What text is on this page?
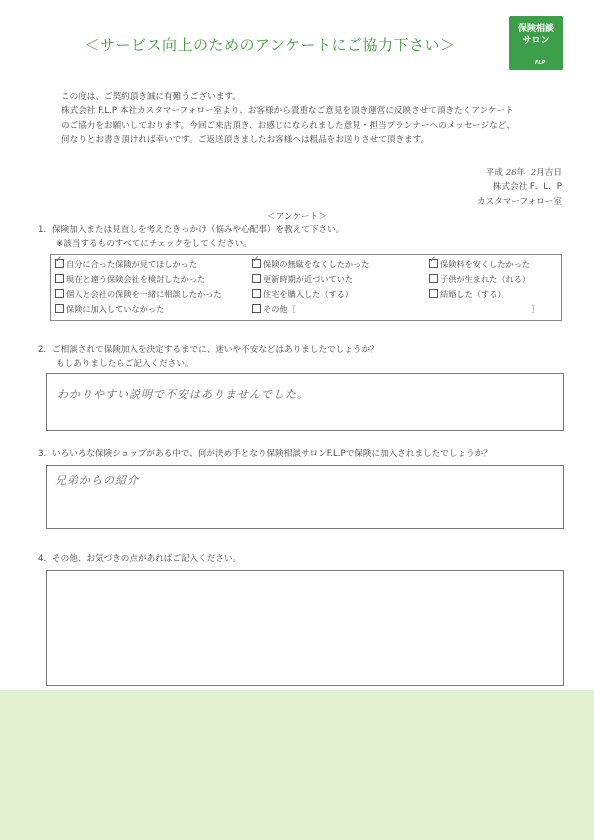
＜サービス向上のためのアンケートにご協力下さい＞
保険相談
サロン
FLP

この度は、ご契約頂き誠に有難うございます。

株式会社 F.L.P 本社カスタマーフォロー室より、お客様から貴重なご意見を頂き運営に反映させて頂きたくアンケート

のご協力をお願いしております。今回ご来店頂き、お感じになられました意見・担当プランナーへのメッセージなど、

何なりとお書き頂ければ幸いです。ご返送頂きましたお客様へは粗品をお送りさせて頂きます。

平成 26年 2月吉日
株式会社 F．L．P
カスタマーフォロー室
＜アンケート＞
1．保険加入または見直しを考えたきっかけ（悩みや心配事）を教えて下さい。
※該当するものすべてにチェックをしてください。
✓ 自分に合った保険が見てほしかった	✓ 保険の無駄をなくしたかった	✓ 保険料を安くしたかった
現在と違う保険会社を検討したかった	更新時期が近づいていた	子供が生まれた（れる）
個人と会社の保険を一緒に相談したかった	住宅を購入した（する）	結婚した（する）
保険に加入していなかった	その他［	］
2．ご相談されて保険加入を決定するまでに、迷いや不安などはありましたでしょうか？
もしありましたらご記入ください。
わかりやすい説明で不安はありませんでした。
3．いろいろな保険ショップがある中で、何が決め手となり保険相談サロンF.L.Pで保険に加入されましたでしょうか？
兄弟からの紹介
4．その他、お気づきの点があればご記入ください。
